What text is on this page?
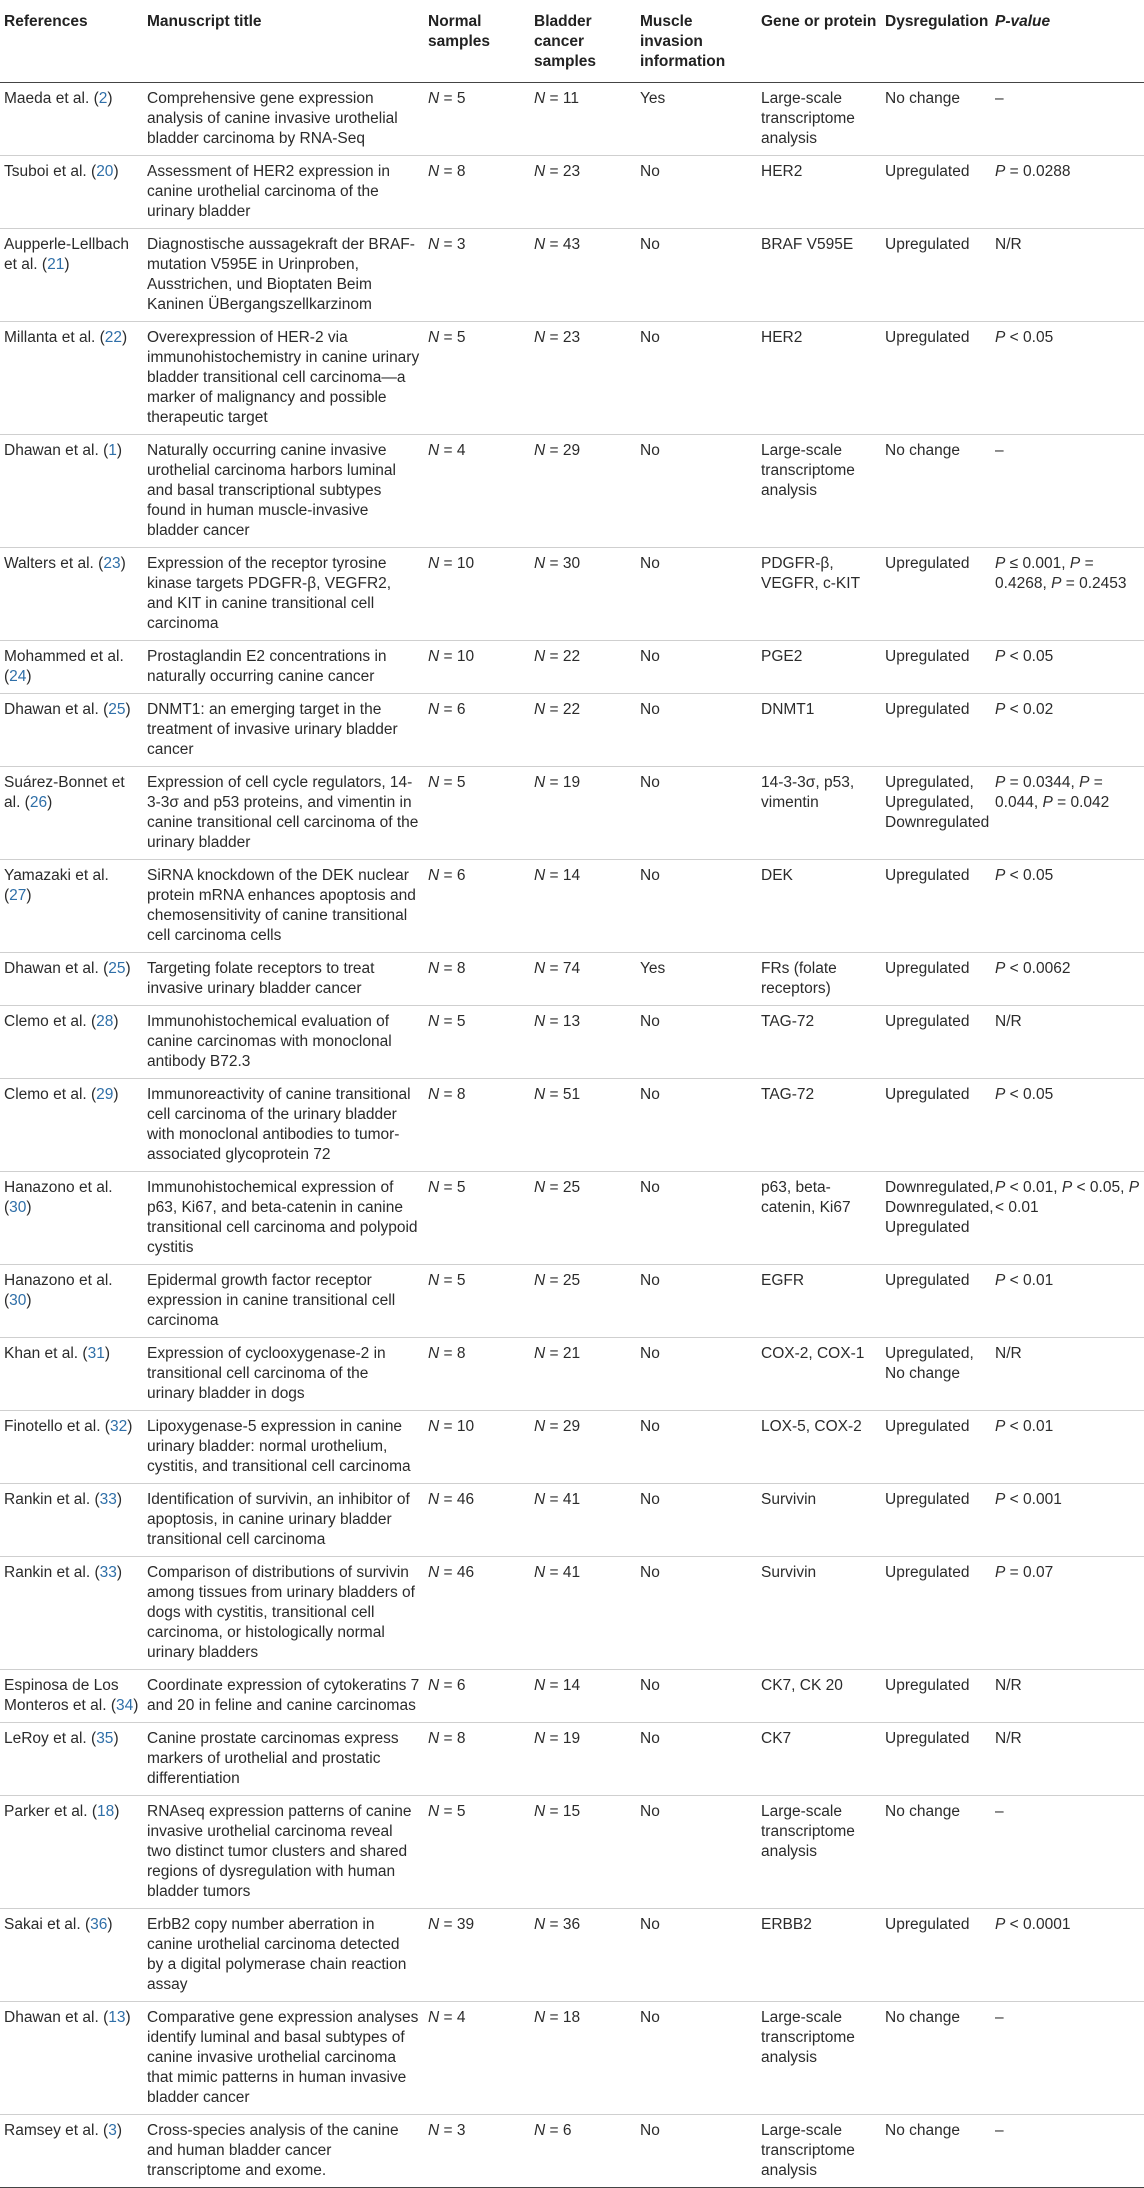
References	Manuscript title	Normal samples	Bladder cancer samples	Muscle invasion information	Gene or protein	Dysregulation	P-value
Maeda et al. (2)	Comprehensive gene expression analysis of canine invasive urothelial bladder carcinoma by RNA-Seq	N = 5	N = 11	Yes	Large-scale transcriptome analysis	No change	–
Tsuboi et al. (20)	Assessment of HER2 expression in canine urothelial carcinoma of the urinary bladder	N = 8	N = 23	No	HER2	Upregulated	P = 0.0288
Aupperle-Lellbach et al. (21)	Diagnostische aussagekraft der BRAF-mutation V595E in Urinproben, Ausstrichen, und Bioptaten Beim Kaninen ÜBergangszellkarzinom	N = 3	N = 43	No	BRAF V595E	Upregulated	N/R
Millanta et al. (22)	Overexpression of HER-2 via immunohistochemistry in canine urinary bladder transitional cell carcinoma—a marker of malignancy and possible therapeutic target	N = 5	N = 23	No	HER2	Upregulated	P < 0.05
Dhawan et al. (1)	Naturally occurring canine invasive urothelial carcinoma harbors luminal and basal transcriptional subtypes found in human muscle-invasive bladder cancer	N = 4	N = 29	No	Large-scale transcriptome analysis	No change	–
Walters et al. (23)	Expression of the receptor tyrosine kinase targets PDGFR-β, VEGFR2, and KIT in canine transitional cell carcinoma	N = 10	N = 30	No	PDGFR-β, VEGFR, c-KIT	Upregulated	P ≤ 0.001, P = 0.4268, P = 0.2453
Mohammed et al. (24)	Prostaglandin E2 concentrations in naturally occurring canine cancer	N = 10	N = 22	No	PGE2	Upregulated	P < 0.05
Dhawan et al. (25)	DNMT1: an emerging target in the treatment of invasive urinary bladder cancer	N = 6	N = 22	No	DNMT1	Upregulated	P < 0.02
Suárez-Bonnet et al. (26)	Expression of cell cycle regulators, 14-3-3σ and p53 proteins, and vimentin in canine transitional cell carcinoma of the urinary bladder	N = 5	N = 19	No	14-3-3σ, p53, vimentin	Upregulated, Upregulated, Downregulated	P = 0.0344, P = 0.044, P = 0.042
Yamazaki et al. (27)	SiRNA knockdown of the DEK nuclear protein mRNA enhances apoptosis and chemosensitivity of canine transitional cell carcinoma cells	N = 6	N = 14	No	DEK	Upregulated	P < 0.05
Dhawan et al. (25)	Targeting folate receptors to treat invasive urinary bladder cancer	N = 8	N = 74	Yes	FRs (folate receptors)	Upregulated	P < 0.0062
Clemo et al. (28)	Immunohistochemical evaluation of canine carcinomas with monoclonal antibody B72.3	N = 5	N = 13	No	TAG-72	Upregulated	N/R
Clemo et al. (29)	Immunoreactivity of canine transitional cell carcinoma of the urinary bladder with monoclonal antibodies to tumor-associated glycoprotein 72	N = 8	N = 51	No	TAG-72	Upregulated	P < 0.05
Hanazono et al. (30)	Immunohistochemical expression of p63, Ki67, and beta-catenin in canine transitional cell carcinoma and polypoid cystitis	N = 5	N = 25	No	p63, beta-catenin, Ki67	Downregulated, Downregulated, Upregulated	P < 0.01, P < 0.05, P < 0.01
Hanazono et al. (30)	Epidermal growth factor receptor expression in canine transitional cell carcinoma	N = 5	N = 25	No	EGFR	Upregulated	P < 0.01
Khan et al. (31)	Expression of cyclooxygenase-2 in transitional cell carcinoma of the urinary bladder in dogs	N = 8	N = 21	No	COX-2, COX-1	Upregulated, No change	N/R
Finotello et al. (32)	Lipoxygenase-5 expression in canine urinary bladder: normal urothelium, cystitis, and transitional cell carcinoma	N = 10	N = 29	No	LOX-5, COX-2	Upregulated	P < 0.01
Rankin et al. (33)	Identification of survivin, an inhibitor of apoptosis, in canine urinary bladder transitional cell carcinoma	N = 46	N = 41	No	Survivin	Upregulated	P < 0.001
Rankin et al. (33)	Comparison of distributions of survivin among tissues from urinary bladders of dogs with cystitis, transitional cell carcinoma, or histologically normal urinary bladders	N = 46	N = 41	No	Survivin	Upregulated	P = 0.07
Espinosa de Los Monteros et al. (34)	Coordinate expression of cytokeratins 7 and 20 in feline and canine carcinomas	N = 6	N = 14	No	CK7, CK 20	Upregulated	N/R
LeRoy et al. (35)	Canine prostate carcinomas express markers of urothelial and prostatic differentiation	N = 8	N = 19	No	CK7	Upregulated	N/R
Parker et al. (18)	RNAseq expression patterns of canine invasive urothelial carcinoma reveal two distinct tumor clusters and shared regions of dysregulation with human bladder tumors	N = 5	N = 15	No	Large-scale transcriptome analysis	No change	–
Sakai et al. (36)	ErbB2 copy number aberration in canine urothelial carcinoma detected by a digital polymerase chain reaction assay	N = 39	N = 36	No	ERBB2	Upregulated	P < 0.0001
Dhawan et al. (13)	Comparative gene expression analyses identify luminal and basal subtypes of canine invasive urothelial carcinoma that mimic patterns in human invasive bladder cancer	N = 4	N = 18	No	Large-scale transcriptome analysis	No change	–
Ramsey et al. (3)	Cross-species analysis of the canine and human bladder cancer transcriptome and exome.	N = 3	N = 6	No	Large-scale transcriptome analysis	No change	–
